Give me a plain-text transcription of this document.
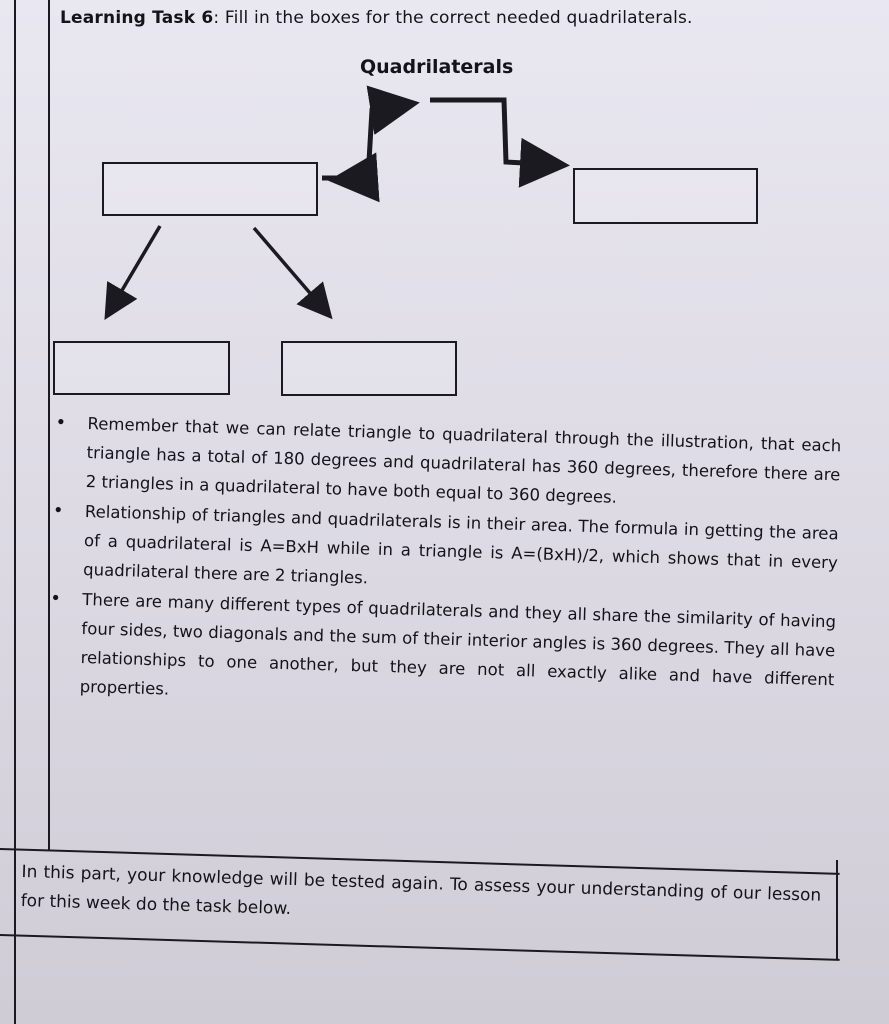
Learning Task 6: Fill in the boxes for the correct needed quadrilaterals.
Quadrilaterals
• Remember that we can relate triangle to quadrilateral through the illustration, that each triangle has a total of 180 degrees and quadrilateral has 360 degrees, therefore there are 2 triangles in a quadrilateral to have both equal to 360 degrees.
• Relationship of triangles and quadrilaterals is in their area. The formula in getting the area of a quadrilateral is A=BxH while in a triangle is A=(BxH)/2, which shows that in every quadrilateral there are 2 triangles.
• There are many different types of quadrilaterals and they all share the similarity of having four sides, two diagonals and the sum of their interior angles is 360 degrees. They all have relationships to one another, but they are not all exactly alike and have different properties.
In this part, your knowledge will be tested again. To assess your understanding of our lesson for this week do the task below.
